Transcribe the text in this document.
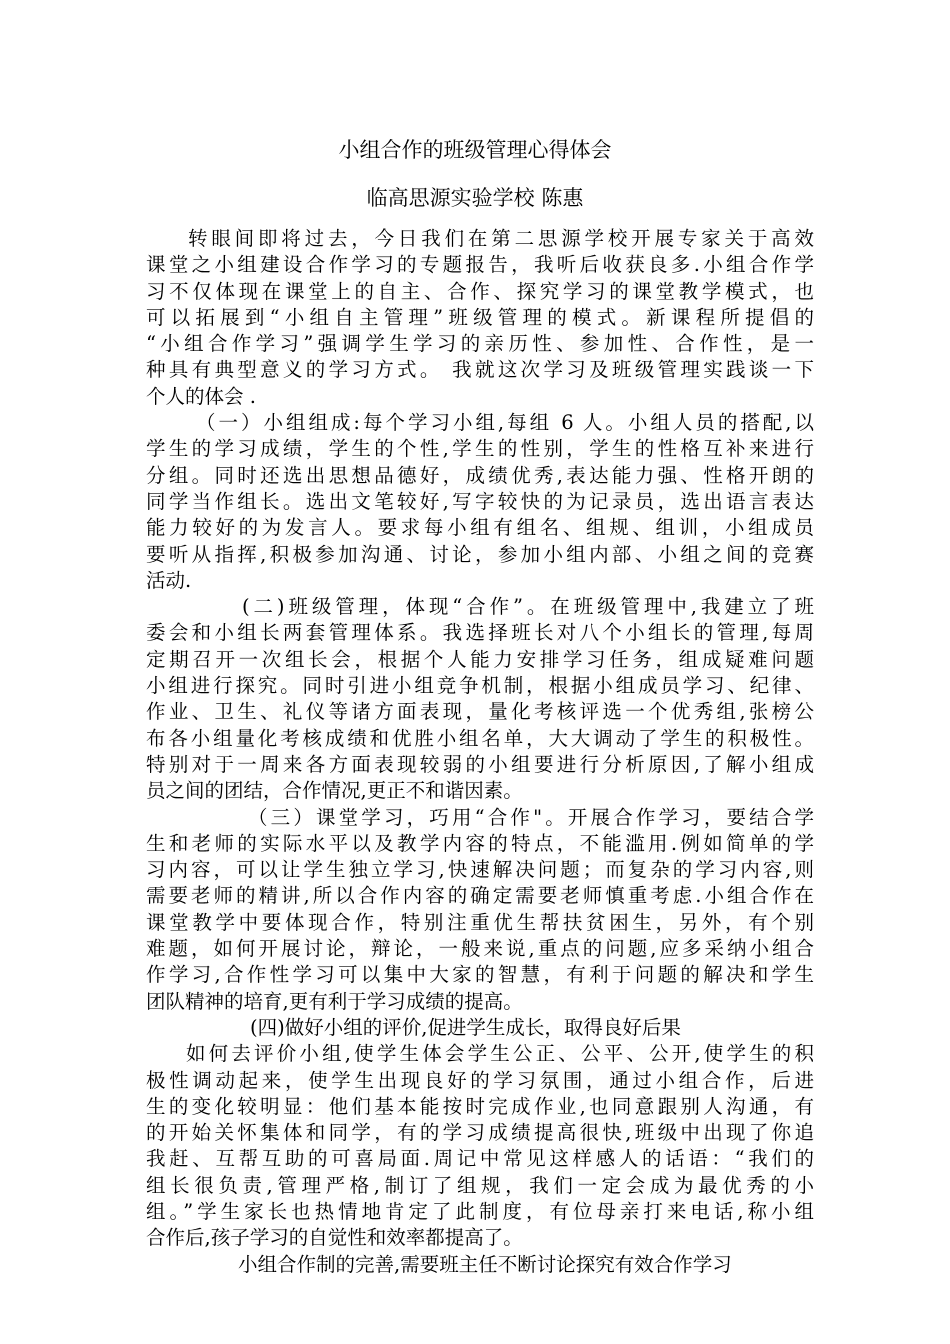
小组合作的班级管理心得体会
临高思源实验学校 陈惠
转眼间即将过去，今日我们在第二思源学校开展专家关于高效
课堂之小组建设合作学习的专题报告，我听后收获良多.小组合作学
习不仅体现在课堂上的自主、合作、探究学习的课堂教学模式，也
可以拓展到“小组自主管理”班级管理的模式。新课程所提倡的
“小组合作学习”强调学生学习的亲历性、参加性、合作性，是一
种具有典型意义的学习方式。 我就这次学习及班级管理实践谈一下
个人的体会 .
（一）小组组成:每个学习小组,每组 6 人。小组人员的搭配,以
学生的学习成绩，学生的个性,学生的性别，学生的性格互补来进行
分组。同时还选出思想品德好，成绩优秀,表达能力强、性格开朗的
同学当作组长。选出文笔较好,写字较快的为记录员，选出语言表达
能力较好的为发言人。要求每小组有组名、组规、组训，小组成员
要听从指挥,积极参加沟通、讨论，参加小组内部、小组之间的竞赛
活动.
(二)班级管理，体现“合作”。在班级管理中,我建立了班
委会和小组长两套管理体系。我选择班长对八个小组长的管理,每周
定期召开一次组长会，根据个人能力安排学习任务，组成疑难问题
小组进行探究。同时引进小组竞争机制，根据小组成员学习、纪律、
作业、卫生、礼仪等诸方面表现，量化考核评选一个优秀组,张榜公
布各小组量化考核成绩和优胜小组名单，大大调动了学生的积极性。
特别对于一周来各方面表现较弱的小组要进行分析原因,了解小组成
员之间的团结，合作情况,更正不和谐因素。
（三）课堂学习，巧用“合作"。开展合作学习，要结合学
生和老师的实际水平以及教学内容的特点，不能滥用.例如简单的学
习内容，可以让学生独立学习,快速解决问题；而复杂的学习内容,则
需要老师的精讲,所以合作内容的确定需要老师慎重考虑.小组合作在
课堂教学中要体现合作，特别注重优生帮扶贫困生，另外，有个别
难题，如何开展讨论，辩论，一般来说,重点的问题,应多采纳小组合
作学习,合作性学习可以集中大家的智慧，有利于问题的解决和学生
团队精神的培育,更有利于学习成绩的提高。
(四)做好小组的评价,促进学生成长，取得良好后果
如何去评价小组,使学生体会学生公正、公平、公开,使学生的积
极性调动起来，使学生出现良好的学习氛围，通过小组合作，后进
生的变化较明显：他们基本能按时完成作业,也同意跟别人沟通，有
的开始关怀集体和同学，有的学习成绩提高很快,班级中出现了你追
我赶、互帮互助的可喜局面.周记中常见这样感人的话语：“我们的
组长很负责,管理严格,制订了组规，我们一定会成为最优秀的小
组。”学生家长也热情地肯定了此制度，有位母亲打来电话,称小组
合作后,孩子学习的自觉性和效率都提高了。
小组合作制的完善,需要班主任不断讨论探究有效合作学习
